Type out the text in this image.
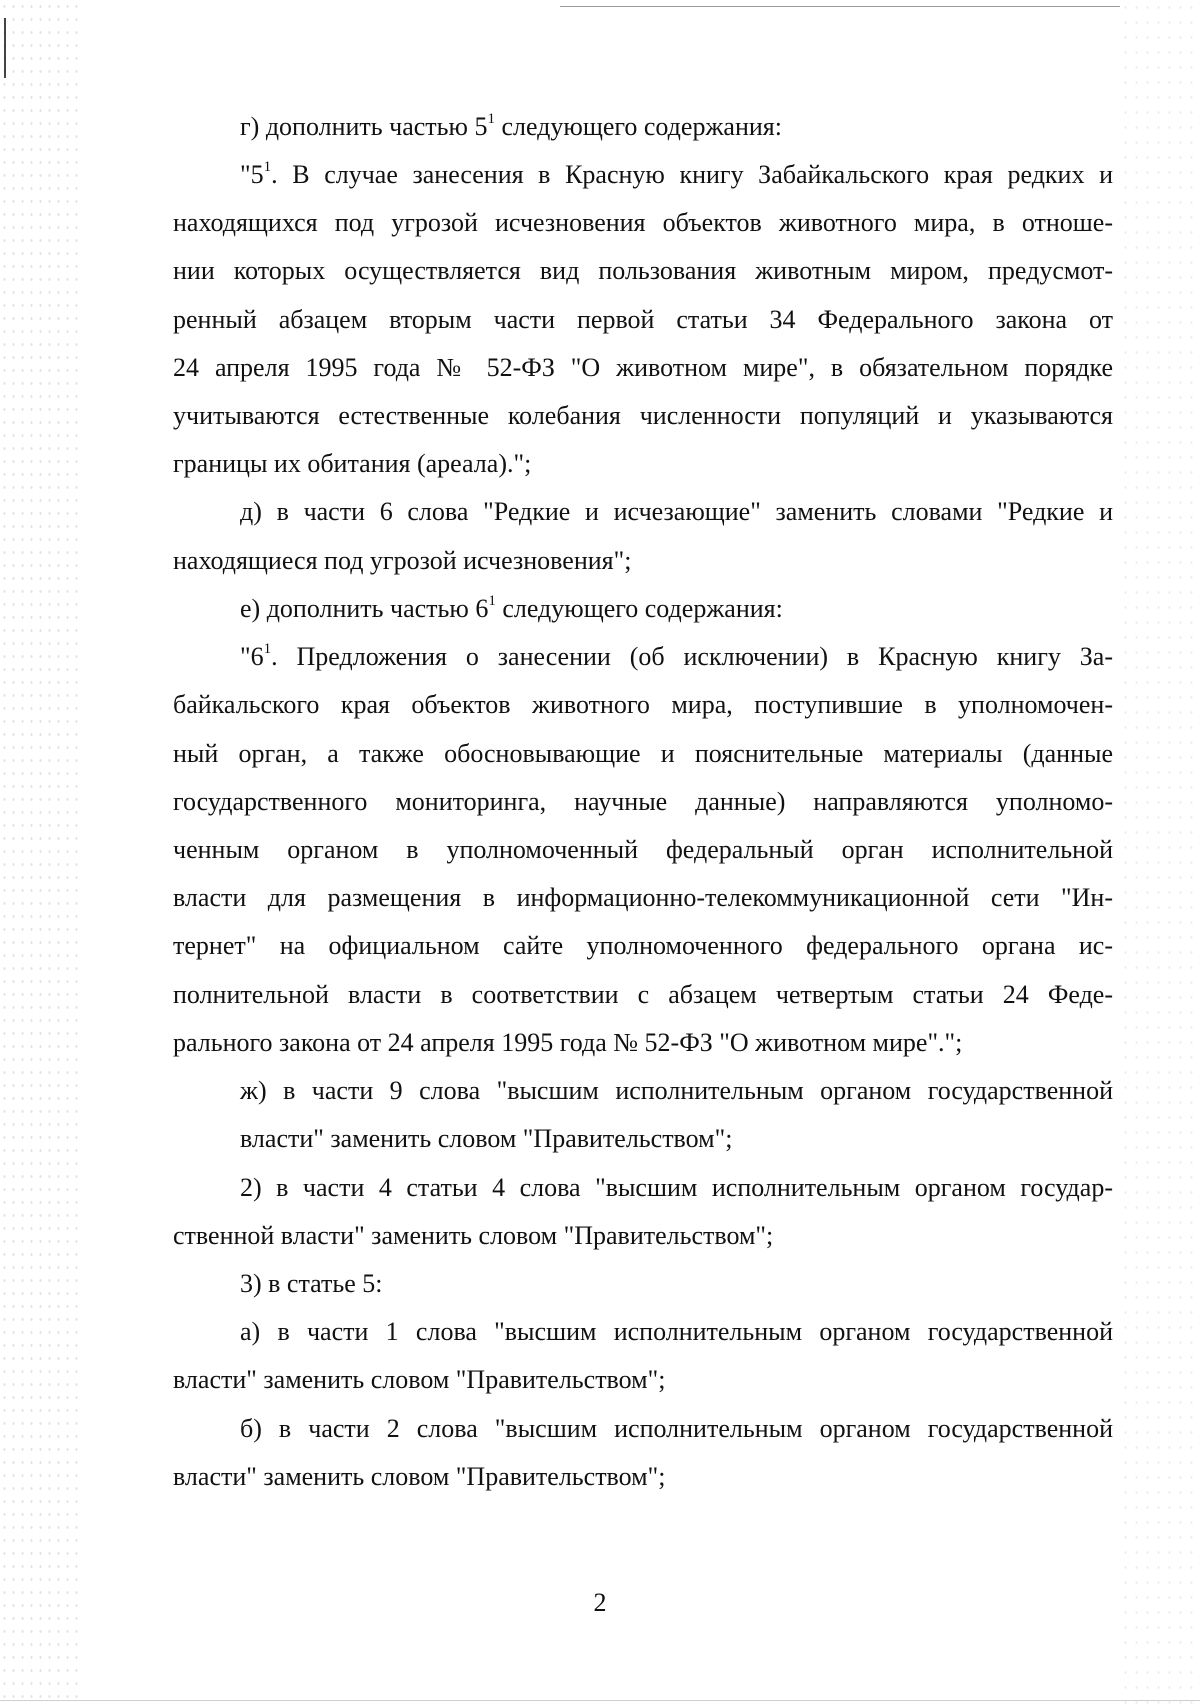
г) дополнить частью $5^1$ следующего содержания:

"$5^1$. В случае занесения в Красную книгу Забайкальского края редких и

находящихся под угрозой исчезновения объектов животного мира, в отноше-

нии которых осуществляется вид пользования животным миром, предусмот-

ренный абзацем вторым части первой статьи 34 Федерального закона от

24 апреля 1995 года № 52-ФЗ "О животном мире", в обязательном порядке

учитываются естественные колебания численности популяций и указываются

границы их обитания (ареала).";

д) в части 6 слова "Редкие и исчезающие" заменить словами "Редкие и

находящиеся под угрозой исчезновения";

е) дополнить частью $6^1$ следующего содержания:

"$6^1$. Предложения о занесении (об исключении) в Красную книгу За-

байкальского края объектов животного мира, поступившие в уполномочен-

ный орган, а также обосновывающие и пояснительные материалы (данные

государственного мониторинга, научные данные) направляются уполномо-

ченным органом в уполномоченный федеральный орган исполнительной

власти для размещения в информационно-телекоммуникационной сети "Ин-

тернет" на официальном сайте уполномоченного федерального органа ис-

полнительной власти в соответствии с абзацем четвертым статьи 24 Феде-

рального закона от 24 апреля 1995 года № 52-ФЗ "О животном мире".";

ж) в части 9 слова "высшим исполнительным органом государственной

власти" заменить словом "Правительством";

2) в части 4 статьи 4 слова "высшим исполнительным органом государ-

ственной власти" заменить словом "Правительством";

3) в статье 5:

а) в части 1 слова "высшим исполнительным органом государственной

власти" заменить словом "Правительством";

б) в части 2 слова "высшим исполнительным органом государственной

власти" заменить словом "Правительством";

2
